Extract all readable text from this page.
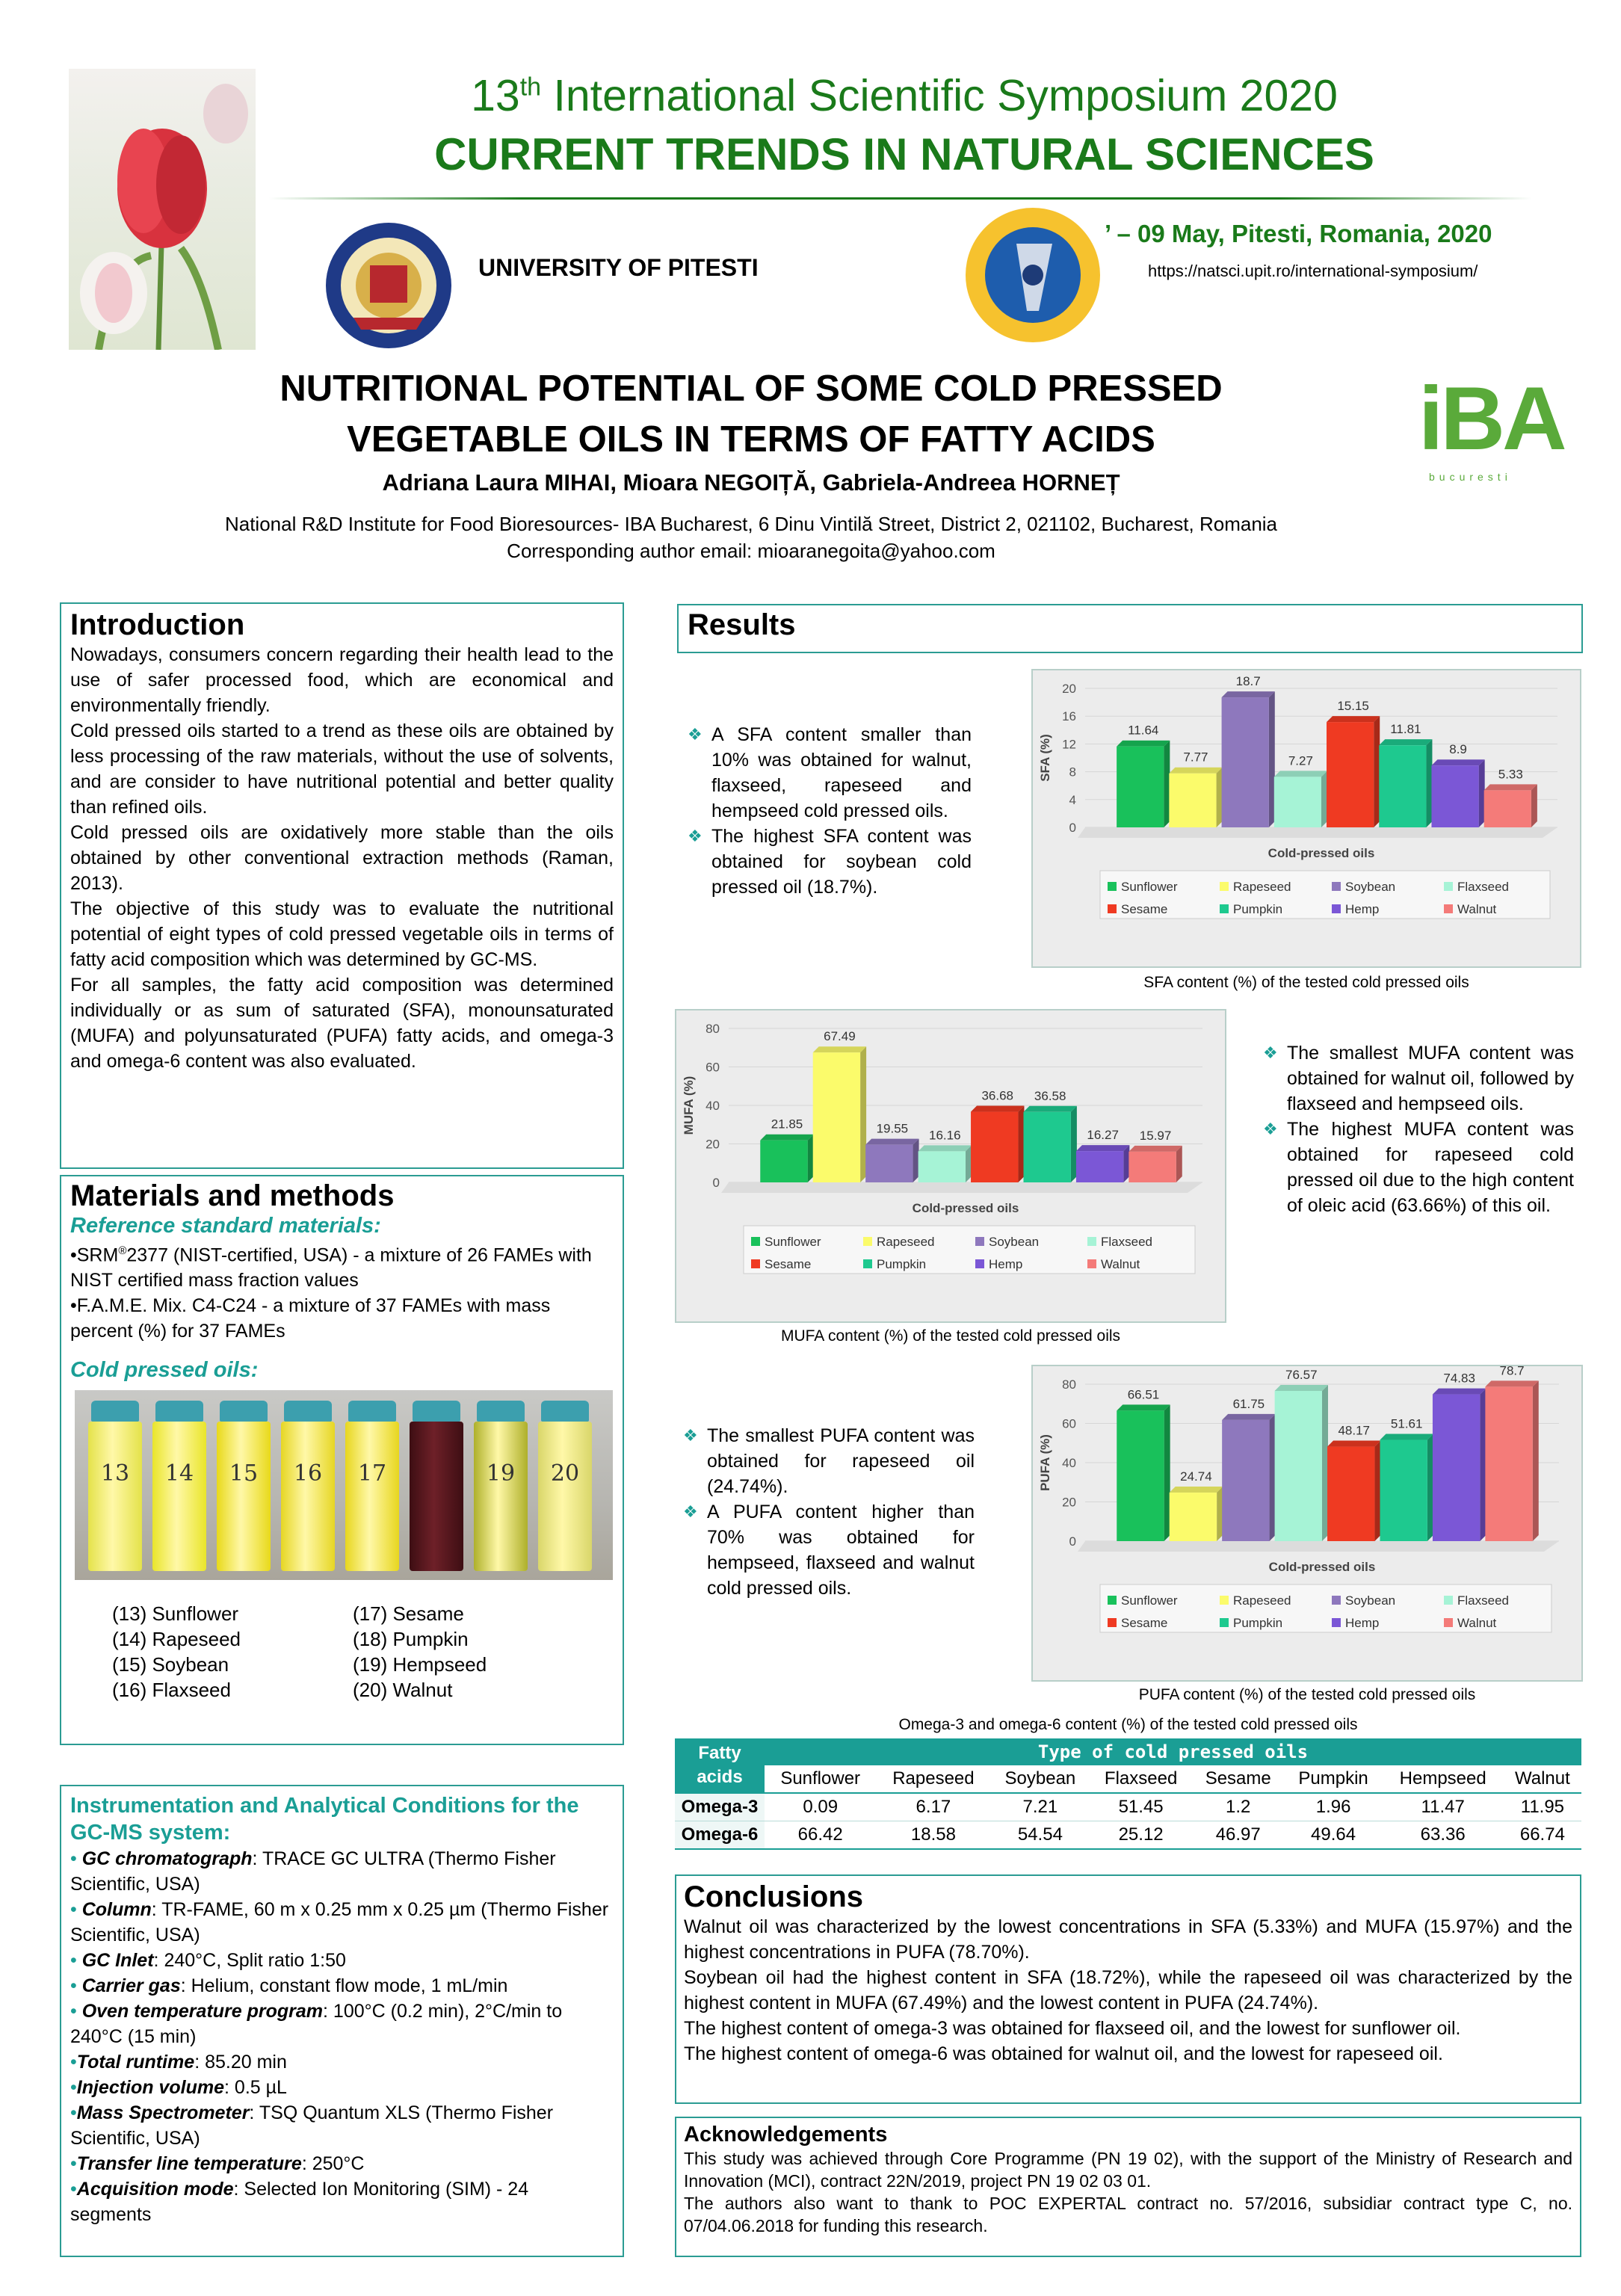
13th International Scientific Symposium 2020
CURRENT TRENDS IN NATURAL SCIENCES
UNIVERSITY OF PITESTI
’ – 09 May, Pitesti, Romania, 2020
https://natsci.upit.ro/international-symposium/
NUTRITIONAL POTENTIAL OF SOME COLD PRESSED
VEGETABLE OILS IN TERMS OF FATTY ACIDS
Adriana Laura MIHAI, Mioara NEGOIȚĂ, Gabriela-Andreea HORNEȚ
National R&D Institute for Food Bioresources- IBA Bucharest, 6 Dinu Vintilă Street, District 2, 021102, Bucharest, Romania
Corresponding author email: mioaranegoita@yahoo.com
iBA
bucuresti
Introduction
Nowadays, consumers concern regarding their health lead to the use of safer processed food, which are economical and environmentally friendly.
Cold pressed oils started to a trend as these oils are obtained by less processing of the raw materials, without the use of solvents, and are consider to have nutritional potential and better quality than refined oils.
Cold pressed oils are oxidatively more stable than the oils obtained by other conventional extraction methods (Raman, 2013).
The objective of this study was to evaluate the nutritional potential of eight types of cold pressed vegetable oils in terms of fatty acid composition which was determined by GC-MS.
For all samples, the fatty acid composition was determined individually or as sum of saturated (SFA), monounsaturated (MUFA) and polyunsaturated (PUFA) fatty acids, and omega-3 and omega-6 content was also evaluated.
Materials and methods
Reference standard materials:
•SRM®2377 (NIST-certified, USA) - a mixture of 26 FAMEs with NIST certified mass fraction values
•F.A.M.E. Mix. C4-C24 - a mixture of 37 FAMEs with mass percent (%) for 37 FAMEs
Cold pressed oils:
13	14	15	16	17	19	20
(13) Sunflower
(14) Rapeseed
(15) Soybean
(16) Flaxseed
(17) Sesame
(18) Pumpkin
(19) Hempseed
(20) Walnut
Instrumentation and Analytical Conditions for the GC-MS system:
• GC chromatograph: TRACE GC ULTRA (Thermo Fisher Scientific, USA)
• Column: TR-FAME, 60 m x 0.25 mm x 0.25 µm (Thermo Fisher Scientific, USA)
• GC Inlet: 240°C, Split ratio 1:50
• Carrier gas: Helium, constant flow mode, 1 mL/min
• Oven temperature program: 100°C (0.2 min), 2°C/min to 240°C (15 min)
•Total runtime: 85.20 min
•Injection volume: 0.5 µL
•Mass Spectrometer: TSQ Quantum XLS (Thermo Fisher Scientific, USA)
•Transfer line temperature: 250°C
•Acquisition mode: Selected Ion Monitoring (SIM) - 24 segments
Results
❖ A SFA content smaller than 10% was obtained for walnut, flaxseed, rapeseed and hempseed cold pressed oils.
❖ The highest SFA content was obtained for soybean cold pressed oil (18.7%).
0
4
8
12
16
20
SFA (%)
11.64
7.77
18.7
7.27
15.15
11.81
8.9
5.33
Cold-pressed oils
Sunflower	Rapeseed	Soybean	Flaxseed
Sesame	Pumpkin	Hemp	Walnut
SFA content (%) of the tested cold pressed oils
0
20
40
60
80
MUFA (%)	21.85
67.49
19.55 16.16
36.68 36.58
16.27 15.97
Cold-pressed oils
Sunflower	Rapeseed	Soybean	Flaxseed
Sesame	Pumpkin	Hemp	Walnut
MUFA content (%) of the tested cold pressed oils
❖ The smallest MUFA content was obtained for walnut oil, followed by flaxseed and hempseed oils.
❖ The highest MUFA content was obtained for rapeseed cold pressed oil due to the high content of oleic acid (63.66%) of this oil.
❖ The smallest PUFA content was obtained for rapeseed oil (24.74%).
❖ A PUFA content higher than 70% was obtained for hempseed, flaxseed and walnut cold pressed oils.
0
20
40
60
80
PUFA (%)
66.51
24.74
61.75
76.57
48.17 51.61
74.83
78.7
Cold-pressed oils
Sunflower	Rapeseed	Soybean	Flaxseed
Sesame	Pumpkin	Hemp	Walnut
PUFA content (%) of the tested cold pressed oils
Omega-3 and omega-6 content (%) of the tested cold pressed oils
Fatty acids	Type of cold pressed oils							
	Sunflower	Rapeseed	Soybean	Flaxseed	Sesame	Pumpkin	Hempseed	Walnut
Omega-3	0.09	6.17	7.21	51.45	1.2	1.96	11.47	11.95
Omega-6	66.42	18.58	54.54	25.12	46.97	49.64	63.36	66.74
Conclusions
Walnut oil was characterized by the lowest concentrations in SFA (5.33%) and MUFA (15.97%) and the highest concentrations in PUFA (78.70%).
Soybean oil had the highest content in SFA (18.72%), while the rapeseed oil was characterized by the highest content in MUFA (67.49%) and the lowest content in PUFA (24.74%).
The highest content of omega-3 was obtained for flaxseed oil, and the lowest for sunflower oil.
The highest content of omega-6 was obtained for walnut oil, and the lowest for rapeseed oil.
Acknowledgements
This study was achieved through Core Programme (PN 19 02), with the support of the Ministry of Research and Innovation (MCI), contract 22N/2019, project PN 19 02 03 01.
The authors also want to thank to POC EXPERTAL contract no. 57/2016, subsidiar contract type C, no. 07/04.06.2018 for funding this research.
